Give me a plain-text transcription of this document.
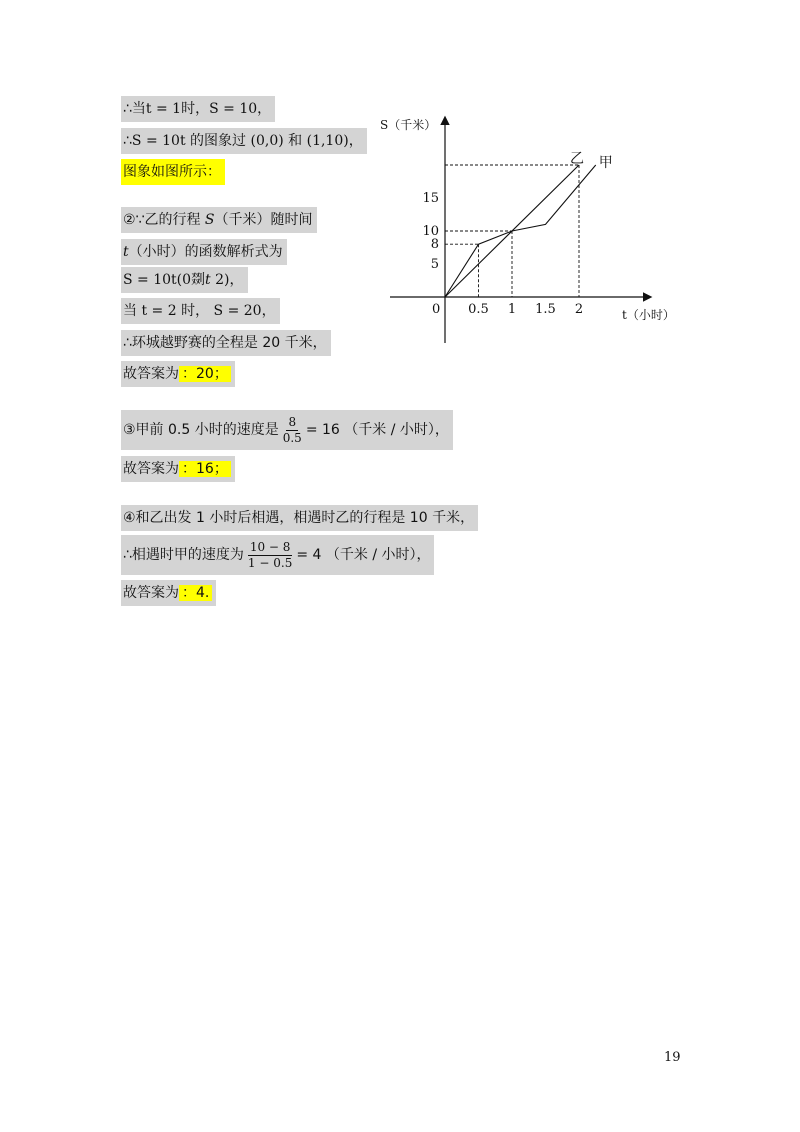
∴当t = 1时，S = 10，
∴S = 10t 的图象过 (0,0) 和 (1,10)，
图象如图所示：
②∵乙的行程 S（千米）随时间
t（小时）的函数解析式为
S = 10t(0剟t 2)，
当 t = 2 时， S = 20，
∴环城越野赛的全程是 20 千米，
故答案为 ：20；
③甲前 0.5 小时的速度是 $\frac{8}{0.5} = 16$ （千米 / 小时），
故答案为 ：16；
④和乙出发 1 小时后相遇，相遇时乙的行程是 10 千米，
∴相遇时甲的速度为 $\frac{10 - 8}{1 - 0.5} = 4$ （千米 / 小时），
故答案为 ：4.
S（千米）
t（小时）
0 0.5 1 1.5 2
5
8
10
15
乙 甲
19
